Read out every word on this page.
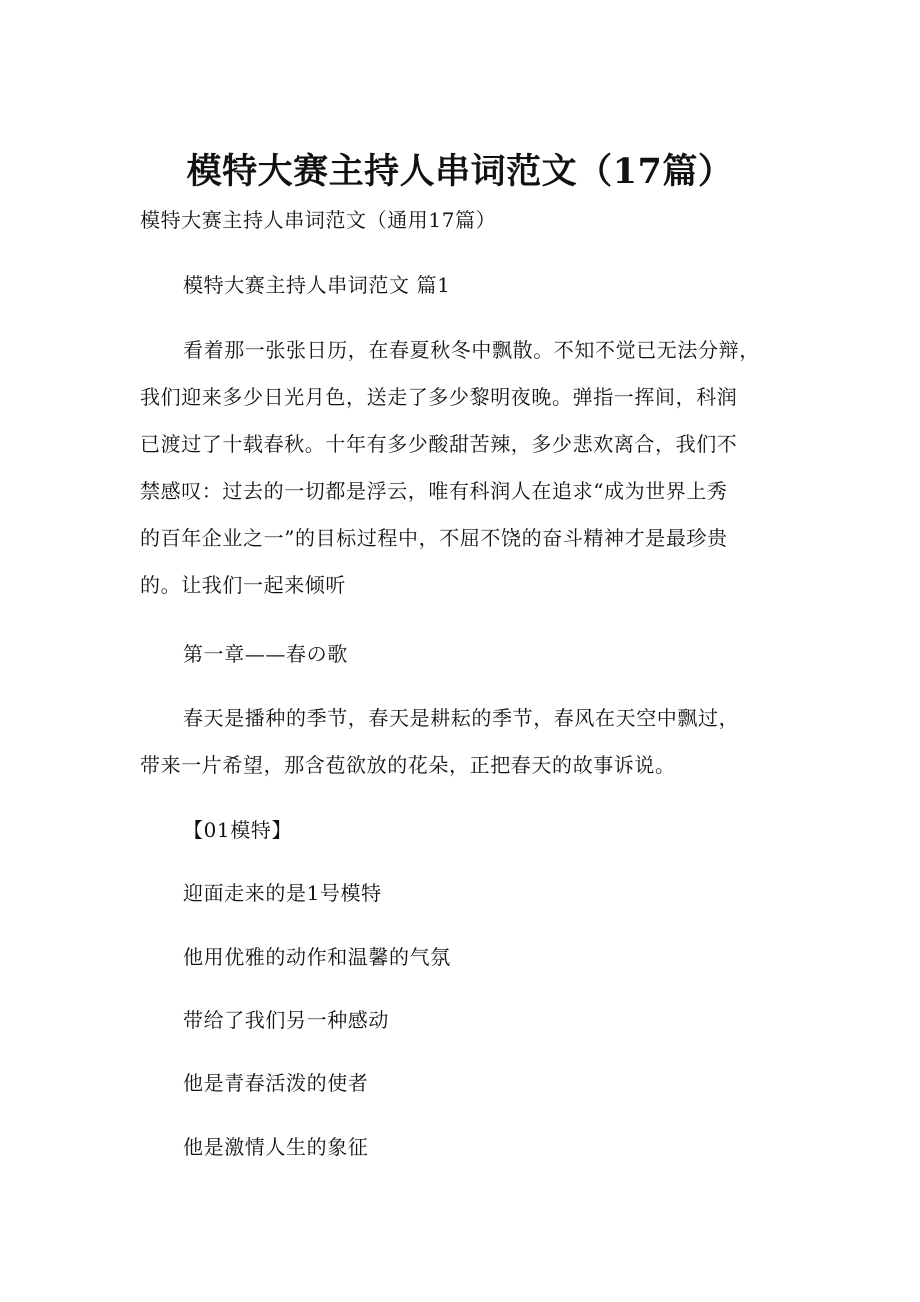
模特大赛主持人串词范文（17篇）
模特大赛主持人串词范文（通用17篇）
模特大赛主持人串词范文 篇1
看着那一张张日历，在春夏秋冬中飘散。不知不觉已无法分辩，
我们迎来多少日光月色，送走了多少黎明夜晚。弹指一挥间，科润
已渡过了十载春秋。十年有多少酸甜苦辣，多少悲欢离合，我们不
禁感叹：过去的一切都是浮云，唯有科润人在追求“成为世界上秀
的百年企业之一”的目标过程中，不屈不饶的奋斗精神才是最珍贵
的。让我们一起来倾听
第一章——春の歌
春天是播种的季节，春天是耕耘的季节，春风在天空中飘过，
带来一片希望，那含苞欲放的花朵，正把春天的故事诉说。
【01模特】
迎面走来的是1号模特
他用优雅的动作和温馨的气氛
带给了我们另一种感动
他是青春活泼的使者
他是激情人生的象征
